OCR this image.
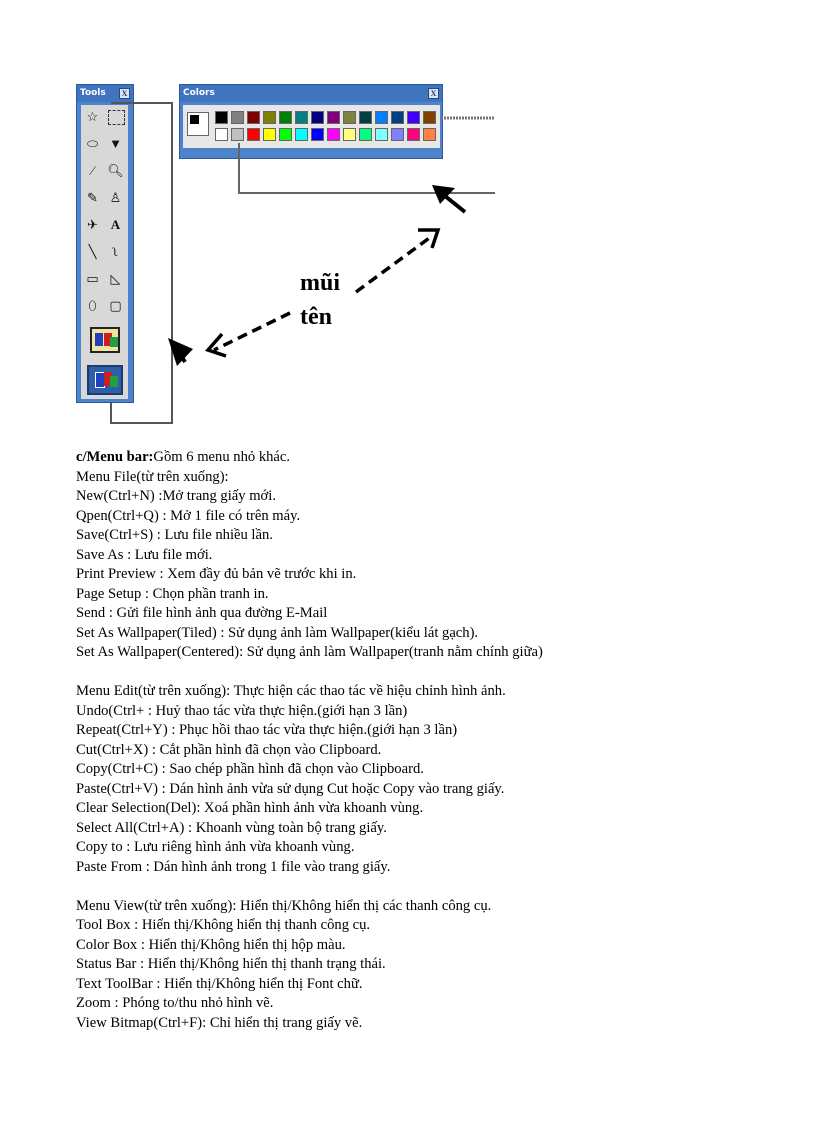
Tools	X
☆
⬭ ▼
⁄	🔍︎
✎ ♙
✈ A
╲	ʅ
▭ ◺
⬯ ▢
Colors	X
mũi
tên
c/Menu bar:Gồm 6 menu nhỏ khác.
Menu File(từ trên xuống):
New(Ctrl+N) :Mở trang giấy mới.
Qpen(Ctrl+Q) : Mở 1 file có trên máy.
Save(Ctrl+S) : Lưu file nhiều lần.
Save As : Lưu file mới.
Print Preview : Xem đầy đủ bản vẽ trước khi in.
Page Setup : Chọn phần tranh in.
Send : Gửi file hình ảnh qua đường E-Mail
Set As Wallpaper(Tiled) : Sử dụng ảnh làm Wallpaper(kiểu lát gạch).
Set As Wallpaper(Centered): Sử dụng ảnh làm Wallpaper(tranh nằm chính giữa)
Menu Edit(từ trên xuống): Thực hiện các thao tác về hiệu chỉnh hình ảnh.
Undo(Ctrl+ : Huỷ thao tác vừa thực hiện.(giới hạn 3 lần)
Repeat(Ctrl+Y) : Phục hồi thao tác vừa thực hiện.(giới hạn 3 lần)
Cut(Ctrl+X) : Cắt phần hình đã chọn vào Clipboard.
Copy(Ctrl+C) : Sao chép phần hình đã chọn vào Clipboard.
Paste(Ctrl+V) : Dán hình ảnh vừa sử dụng Cut hoặc Copy vào trang giấy.
Clear Selection(Del): Xoá phần hình ảnh vừa khoanh vùng.
Select All(Ctrl+A) : Khoanh vùng toàn bộ trang giấy.
Copy to : Lưu riêng hình ảnh vừa khoanh vùng.
Paste From : Dán hình ảnh trong 1 file vào trang giấy.
Menu View(từ trên xuống): Hiển thị/Không hiển thị các thanh công cụ.
Tool Box : Hiển thị/Không hiển thị thanh công cụ.
Color Box : Hiển thị/Không hiển thị hộp màu.
Status Bar : Hiển thị/Không hiển thị thanh trạng thái.
Text ToolBar : Hiển thị/Không hiển thị Font chữ.
Zoom : Phóng to/thu nhỏ hình vẽ.
View Bitmap(Ctrl+F): Chỉ hiển thị trang giấy vẽ.
